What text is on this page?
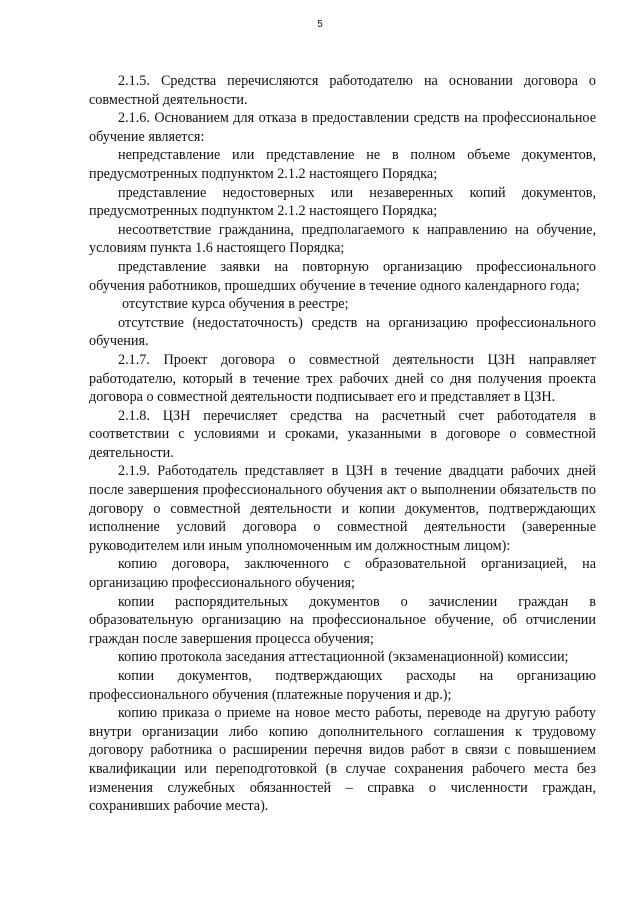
5

2.1.5. Средства перечисляются работодателю на основании договора о совместной деятельности.

2.1.6. Основанием для отказа в предоставлении средств на профессиональное обучение является:

непредставление или представление не в полном объеме документов, предусмотренных подпунктом 2.1.2 настоящего Порядка;

представление недостоверных или незаверенных копий документов, предусмотренных подпунктом 2.1.2 настоящего Порядка;

несоответствие гражданина, предполагаемого к направлению на обучение, условиям пункта 1.6 настоящего Порядка;

представление заявки на повторную организацию профессионального обучения работников, прошедших обучение в течение одного календарного года;

отсутствие курса обучения в реестре;

отсутствие (недостаточность) средств на организацию профессионального обучения.

2.1.7. Проект договора о совместной деятельности ЦЗН направляет работодателю, который в течение трех рабочих дней со дня получения проекта договора о совместной деятельности подписывает его и представляет в ЦЗН.

2.1.8. ЦЗН перечисляет средства на расчетный счет работодателя в соответствии с условиями и сроками, указанными в договоре о совместной деятельности.

2.1.9. Работодатель представляет в ЦЗН в течение двадцати рабочих дней после завершения профессионального обучения акт о выполнении обязательств по договору о совместной деятельности и копии документов, подтверждающих исполнение условий договора о совместной деятельности (заверенные руководителем или иным уполномоченным им должностным лицом):

копию договора, заключенного с образовательной организацией, на организацию профессионального обучения;

копии распорядительных документов о зачислении граждан в образовательную организацию на профессиональное обучение, об отчислении граждан после завершения процесса обучения;

копию протокола заседания аттестационной (экзаменационной) комиссии;

копии документов, подтверждающих расходы на организацию профессионального обучения (платежные поручения и др.);

копию приказа о приеме на новое место работы, переводе на другую работу внутри организации либо копию дополнительного соглашения к трудовому договору работника о расширении перечня видов работ в связи с повышением квалификации или переподготовкой (в случае сохранения рабочего места без изменения служебных обязанностей – справка о численности граждан, сохранивших рабочие места).
